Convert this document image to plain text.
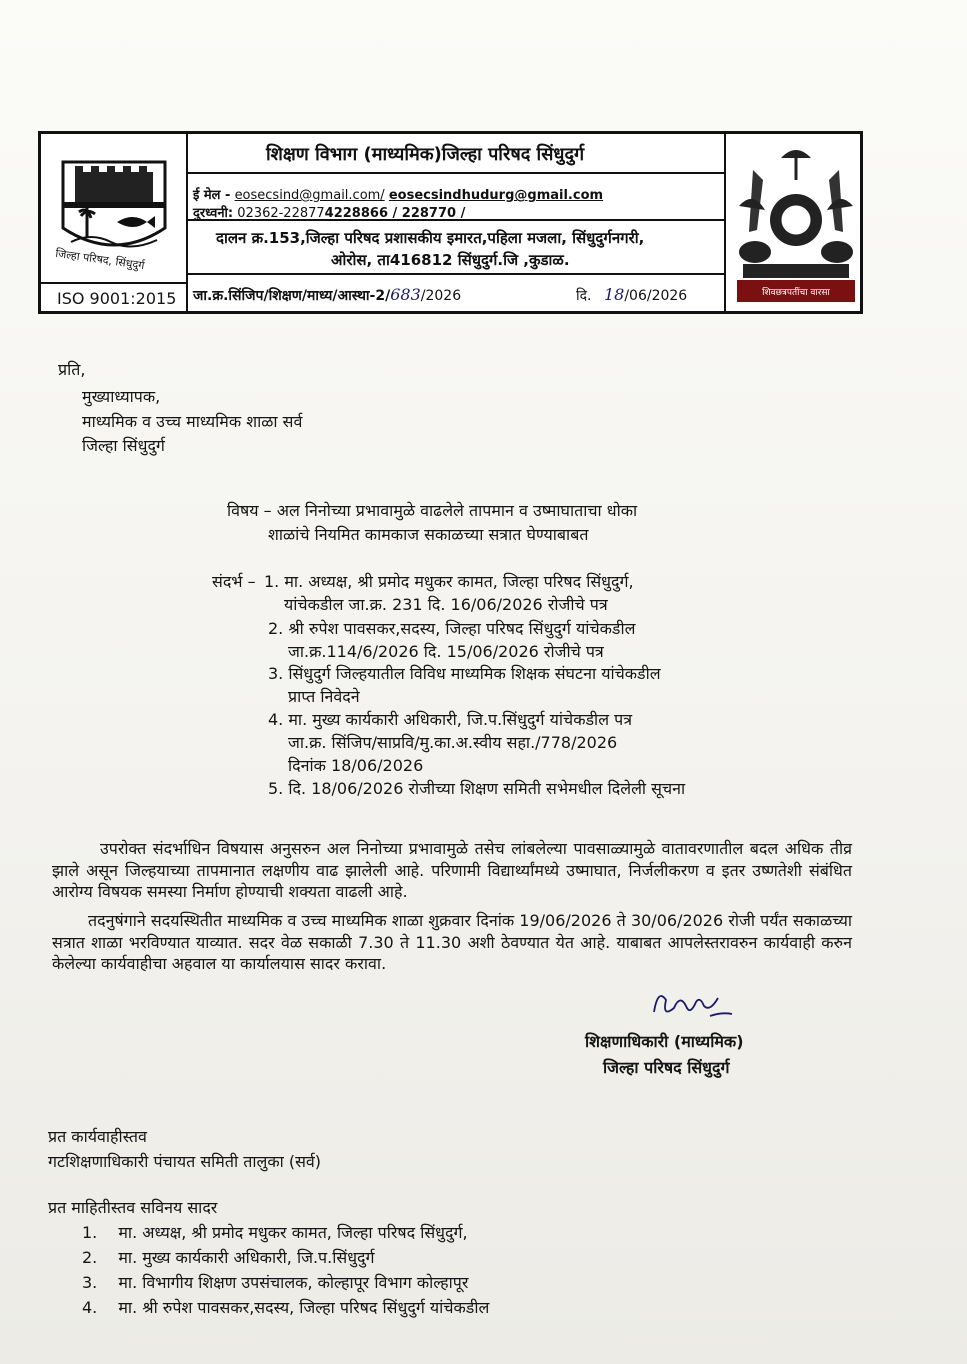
जिल्हा परिषद, सिंधुदुर्ग
ISO 9001:2015
शिक्षण विभाग (माध्यमिक)जिल्हा परिषद सिंधुदुर्ग
ई मेल - eosecsind@gmail.com/ eosecsindhudurg@gmail.com
दुरध्वनी: 02362-228774228866 / 228770 /
दालन क्र.153,जिल्हा परिषद प्रशासकीय इमारत,पहिला मजला, सिंधुदुर्गनगरी,
ओरोस, ता416812 सिंधुदुर्ग.जि ,कुडाळ.
जा.क्र.सिंजिप/शिक्षण/माध्य/आस्था-2/683/2026	दि. 18/06/2026	शिवछत्रपतींचा वारसा
प्रति,
मुख्याध्यापक,
माध्यमिक व उच्च माध्यमिक शाळा सर्व
जिल्हा सिंधुदुर्ग
विषय – अल निनोच्या प्रभावामुळे वाढलेले तापमान व उष्माघाताचा धोका
शाळांचे नियमित कामकाज सकाळच्या सत्रात घेण्याबाबत
संदर्भ – 1. मा. अध्यक्ष, श्री प्रमोद मधुकर कामत, जिल्हा परिषद सिंधुदुर्ग,
यांचेकडील जा.क्र. 231 दि. 16/06/2026 रोजीचे पत्र
2. श्री रुपेश पावसकर,सदस्य, जिल्हा परिषद सिंधुदुर्ग यांचेकडील
जा.क्र.114/6/2026 दि. 15/06/2026 रोजीचे पत्र
3. सिंधुदुर्ग जिल्हयातील विविध माध्यमिक शिक्षक संघटना यांचेकडील
प्राप्त निवेदने
4. मा. मुख्य कार्यकारी अधिकारी, जि.प.सिंधुदुर्ग यांचेकडील पत्र
जा.क्र. सिंजिप/साप्रवि/मु.का.अ.स्वीय सहा./778/2026
दिनांक 18/06/2026
5. दि. 18/06/2026 रोजीच्या शिक्षण समिती सभेमधील दिलेली सूचना
उपरोक्त संदर्भाधिन विषयास अनुसरुन अल निनोच्या प्रभावामुळे तसेच लांबलेल्या पावसाळ्यामुळे वातावरणातील बदल अधिक तीव्र झाले असून जिल्हयाच्या तापमानात लक्षणीय वाढ झालेली आहे. परिणामी विद्यार्थ्यांमध्ये उष्माघात, निर्जलीकरण व इतर उष्णतेशी संबंधित आरोग्य विषयक समस्या निर्माण होण्याची शक्यता वाढली आहे.
तदनुषंगाने सदयस्थितीत माध्यमिक व उच्च माध्यमिक शाळा शुक्रवार दिनांक 19/06/2026 ते 30/06/2026 रोजी पर्यंत सकाळच्या सत्रात शाळा भरविण्यात याव्यात. सदर वेळ सकाळी 7.30 ते 11.30 अशी ठेवण्यात येत आहे. याबाबत आपलेस्तरावरुन कार्यवाही करुन केलेल्या कार्यवाहीचा अहवाल या कार्यालयास सादर करावा.
शिक्षणाधिकारी (माध्यमिक)
जिल्हा परिषद सिंधुदुर्ग
प्रत कार्यवाहीस्तव
गटशिक्षणाधिकारी पंचायत समिती तालुका (सर्व)
प्रत माहितीस्तव सविनय सादर
1. मा. अध्यक्ष, श्री प्रमोद मधुकर कामत, जिल्हा परिषद सिंधुदुर्ग,
2. मा. मुख्य कार्यकारी अधिकारी, जि.प.सिंधुदुर्ग
3. मा. विभागीय शिक्षण उपसंचालक, कोल्हापूर विभाग कोल्हापूर
4. मा. श्री रुपेश पावसकर,सदस्य, जिल्हा परिषद सिंधुदुर्ग यांचेकडील
